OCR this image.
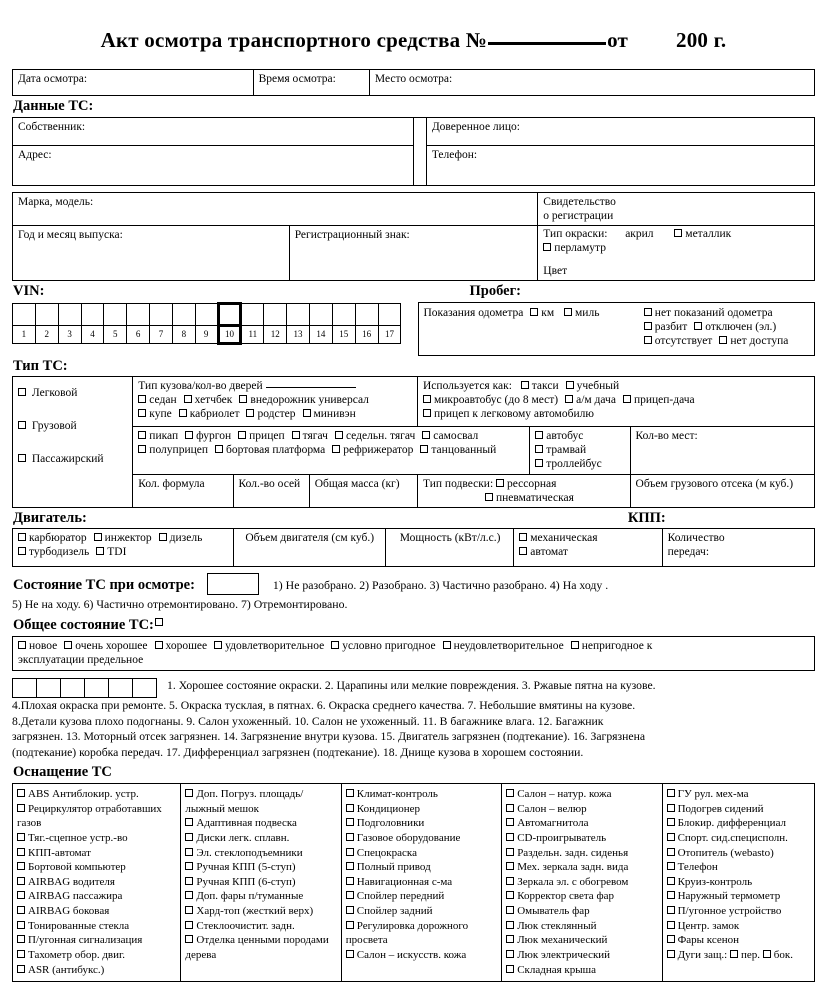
Акт осмотра транспортного средства №	от 200 г.
Дата осмотра:	Время осмотра:	Место осмотра:
Данные ТС:
Собственник:		Доверенное лицо:
Адрес:		Телефон:
Марка, модель:		Свидетельство
о регистрации

Год и месяц выпуска:	Регистрационный знак:	Тип окраски: акрил металлик перламутр
Цвет
VIN:		Пробег:

1	2	3	4	5	6	7	8	9	10	11	12	13	14	15	16	17

Показания одометра км миль	нет показаний одометра
разбит отключен (эл.)
отсутствует нет доступа
Тип ТС:
Легковой
Грузовой
Пассажирский

Тип кузова/кол-во дверей
седан хетчбек внедорожник универсал
купе кабриолет родстер минивэн

Используется как: такси учебный
микроавтобус (до 8 мест) а/м дача прицеп-дача
прицеп к легковому автомобилю

пикап фургон прицеп тягач седельн. тягач самосвал
полуприцеп бортовая платформа рефрижератор танцованный

автобустрамвай
троллейбус
	Кол-во мест:
	Кол. формула	Кол.-во осей	Общая масса (кг)	Тип подвески: рессорная
пневматическая		Объем грузового отсека (м куб.)
Двигатель:	КПП:
карбюратор инжектор дизель
турбодизель TDI
	Объем двигателя (см куб.)	Мощность (кВт/л.с.)	механическая
автомат

Количество
передач:
Состояние ТС при осмотре:	1) Не разобрано. 2) Разобрано. 3) Частично разобрано. 4) На ходу .
5) Не на ходу. 6) Частично отремонтировано. 7) Отремонтировано.
Общее состояние ТС:
новое очень хорошее хорошее удовлетворительное условно пригодное неудовлетворительное непригодное к
эксплуатации предельное

1. Хорошее состояние окраски. 2. Царапины или мелкие повреждения. 3. Ржавые пятна на кузове.
4.Плохая окраска при ремонте. 5. Окраска тусклая, в пятнах. 6. Окраска среднего качества. 7. Небольшие вмятины на кузове.
8.Детали кузова плохо подогнаны. 9. Салон ухоженный. 10. Салон не ухоженный. 11. В багажнике влага. 12. Багажник
загрязнен. 13. Моторный отсек загрязнен. 14. Загрязнение внутри кузова. 15. Двигатель загрязнен (подтекание). 16. Загрязнена
(подтекание) коробка передач. 17. Дифференциал загрязнен (подтекание). 18. Днище кузова в хорошем состоянии.
Оснащение ТС
ABS Антиблокир. устр.
Рециркулятор отработавших газов
Тяг.-сцепное устр.-во
КПП-автомат
Бортовой компьютер
AIRBAG водителя
AIRBAG пассажира
AIRBAG боковая
Тонированные стекла
П/угонная сигнализация
Тахометр обор. двиг.
ASR (антибукс.)

Доп. Погруз. площадь/лыжный мешок
Адаптивная подвеска
Диски легк. сплавн.
Эл. стеклоподъемники
Ручная КПП (5-ступ)
Ручная КПП (6-ступ)
Доп. фары п/туманные
Хард-топ (жесткий верх)
Стеклоочистит. задн.
Отделка ценными породами дерева

Климат-контроль
Кондиционер
Подголовники
Газовое оборудование
Спецокраска
Полный привод
Навигационная с-ма
Спойлер передний
Спойлер задний
Регулировка дорожного просвета
Салон – искусств. кожа

Салон – натур. кожа
Салон – велюр
Автомагнитола
CD-проигрыватель
Раздельн. задн. сиденья
Мех. зеркала задн. вида
Зеркала эл. с обогревом
Корректор света фар
Омыватель фар
Люк стеклянный
Люк механический
Люк электрический
Складная крыша

ГУ рул. мех-ма
Подогрев сидений
Блокир. дифференциал
Спорт. сид.специсполн.
Отопитель (webasto)
Телефон
Круиз-контроль
Наружный термометр
П/угонное устройство
Центр. замок
Фары ксенон
Дуги защ.: пер. бок.
